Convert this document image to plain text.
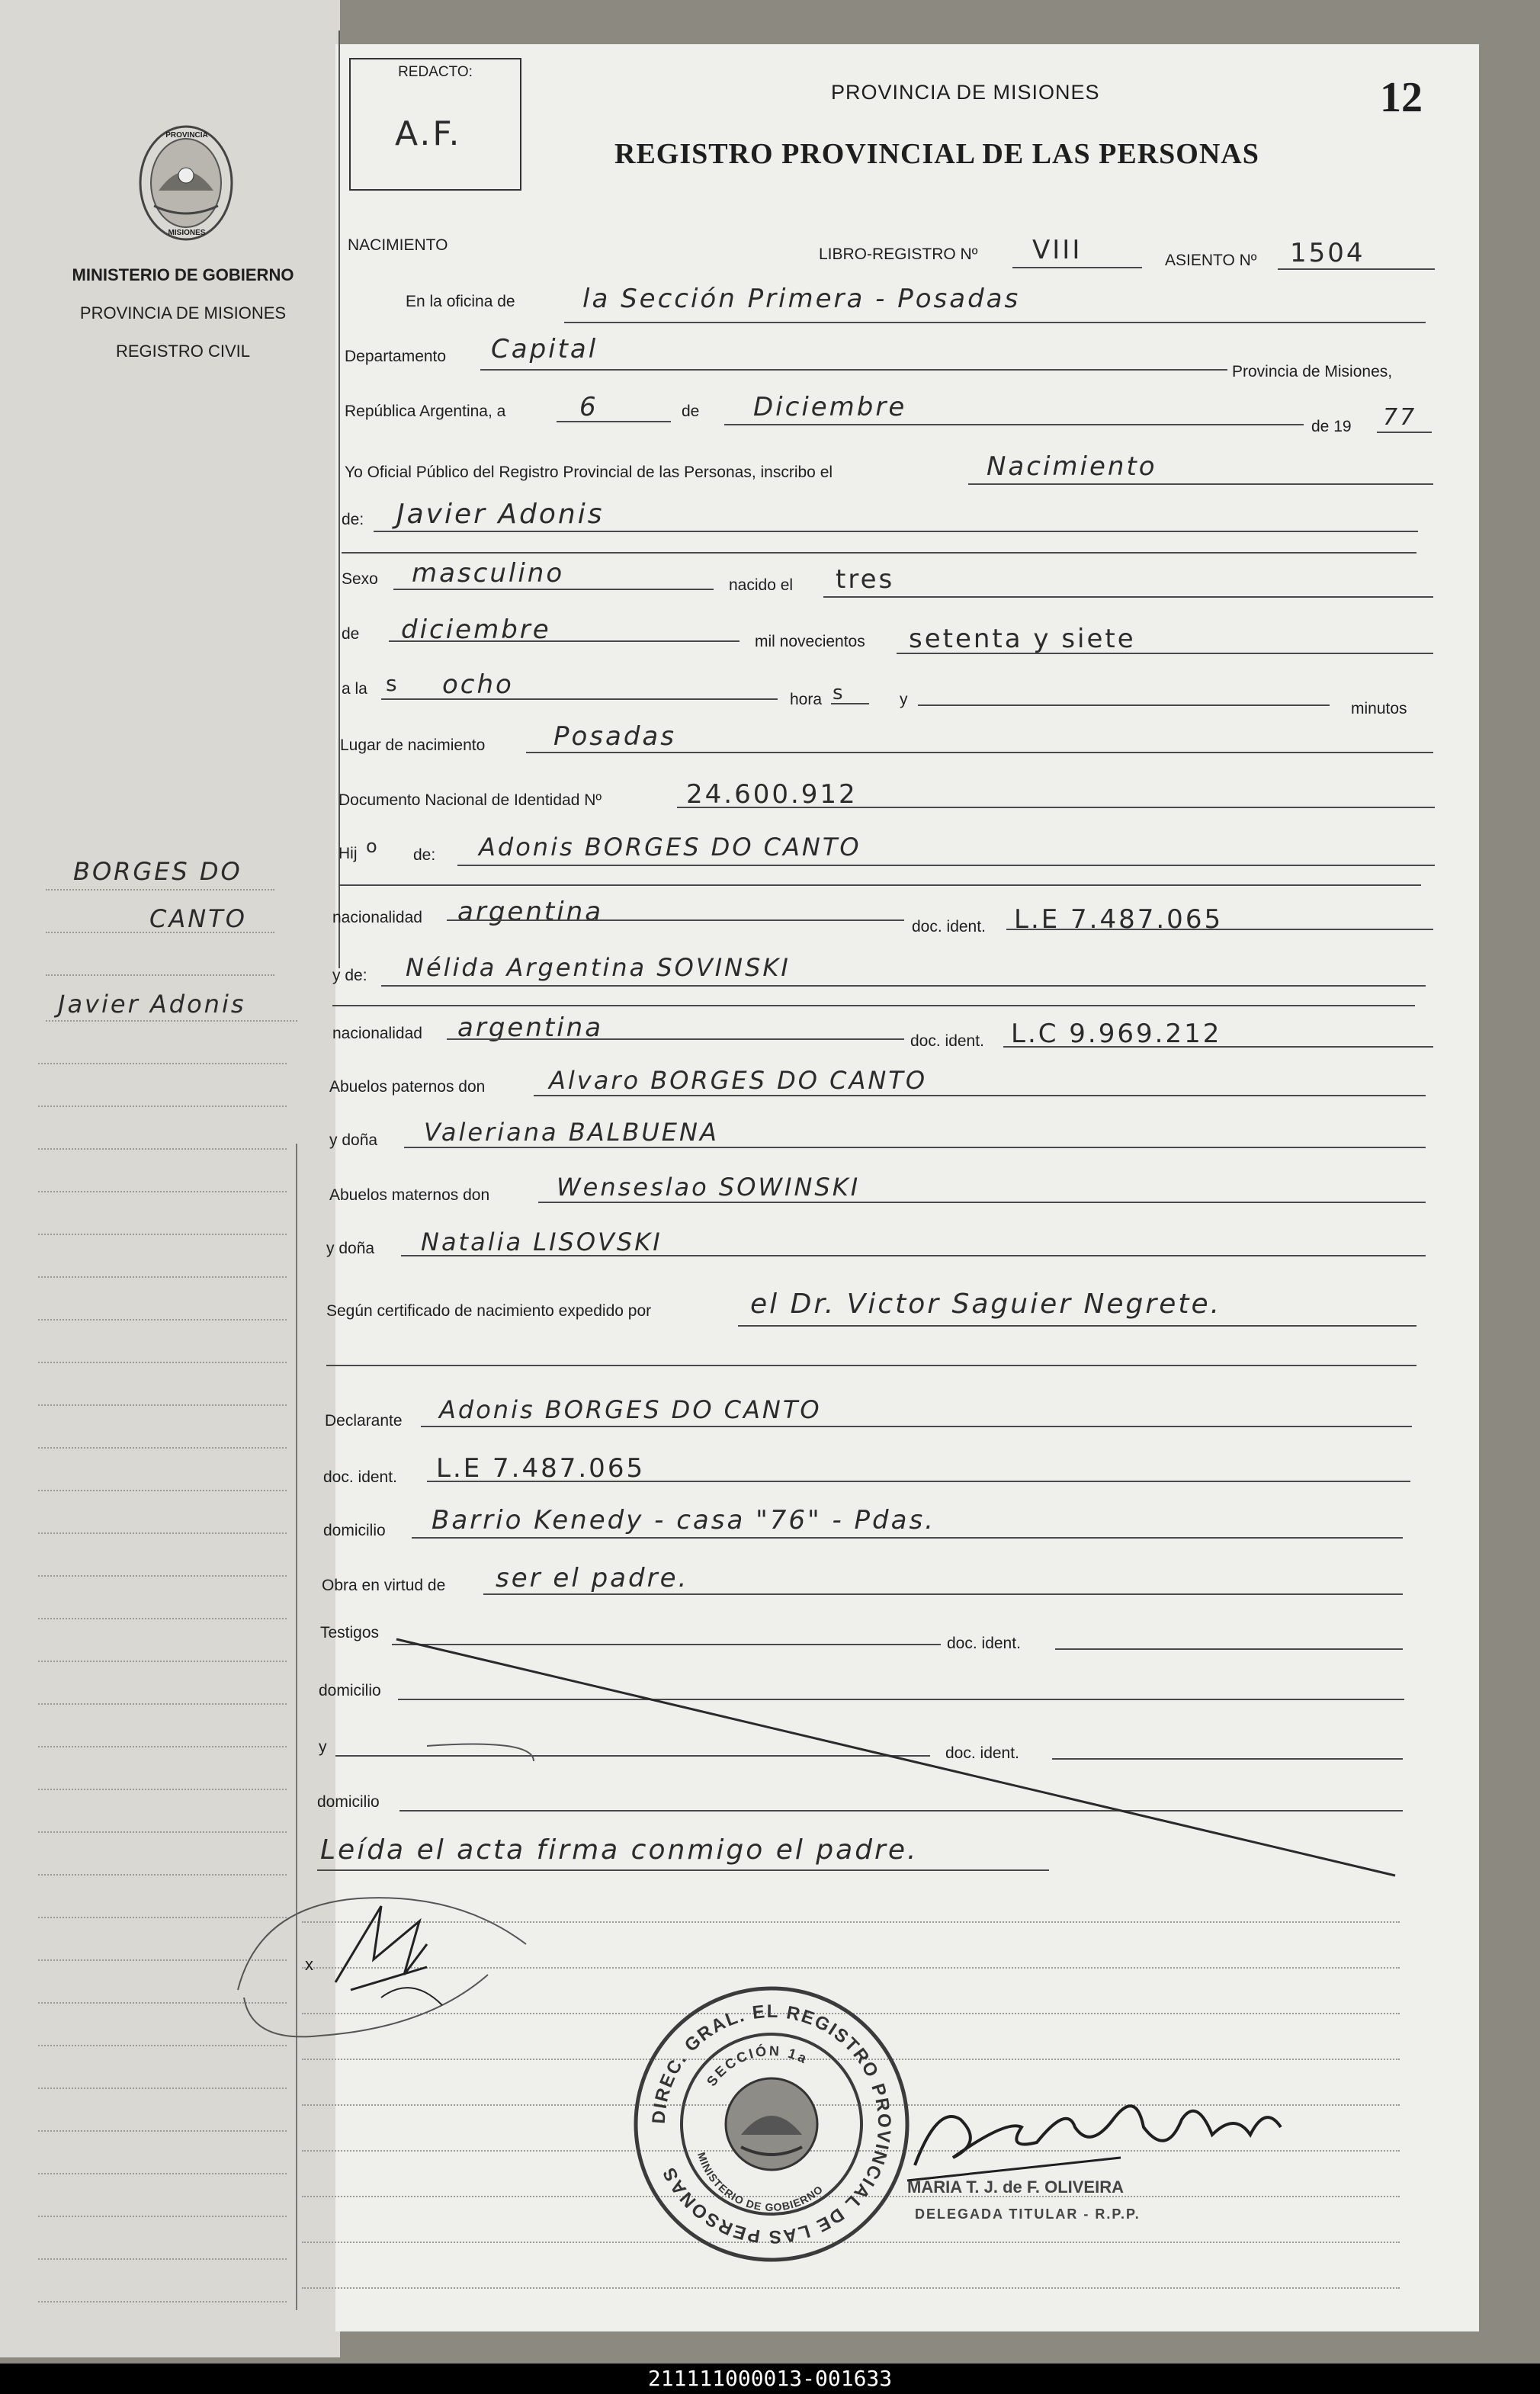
PROVINCIA
MISIONES
MINISTERIO DE GOBIERNO
PROVINCIA DE MISIONES
REGISTRO CIVIL
BORGES DO
CANTO
Javier Adonis
REDACTO:
A.F.
PROVINCIA DE MISIONES
REGISTRO PROVINCIAL DE LAS PERSONAS
12
NACIMIENTO
LIBRO-REGISTRO Nº VIII	ASIENTO Nº 1504
En la oficina de	la Sección Primera - Posadas
Departamento Capital
Provincia de Misiones,
República Argentina, a	6	de Diciembre
de 19 77
Yo Oficial Público del Registro Provincial de las Personas, inscribo el	Nacimiento
de: Javier Adonis
Sexo masculino	nacido el tres
de diciembre	mil novecientos setenta y siete
a la s ocho	hora s	y
minutos
Lugar de nacimiento	Posadas
Documento Nacional de Identidad Nº	24.600.912
Hij o de: Adonis BORGES DO CANTO
nacionalidad argentina	doc. ident. L.E 7.487.065
y de: Nélida Argentina SOVINSKI
nacionalidad argentina	doc. ident. L.C 9.969.212
Abuelos paternos don	Alvaro BORGES DO CANTO
y doña Valeriana BALBUENA
Abuelos maternos don	Wenseslao SOWINSKI
y doña Natalia LISOVSKI
Según certificado de nacimiento expedido por	el Dr. Victor Saguier Negrete.
Declarante Adonis BORGES DO CANTO
doc. ident. L.E 7.487.065
domicilio Barrio Kenedy - casa "76" - Pdas.
Obra en virtud de ser el padre.
Testigos
doc. ident.
domicilio
y	doc. ident.
domicilio
Leída el acta firma conmigo el padre.
x
DIREC. GRAL. EL REGISTRO PROVINCIAL DE LAS PERSONAS
SECCIÓN 1a
MINISTERIO DE GOBIERNO	MARIA T. J. de F. OLIVEIRA
DELEGADA TITULAR - R.P.P.
211111000013-001633
